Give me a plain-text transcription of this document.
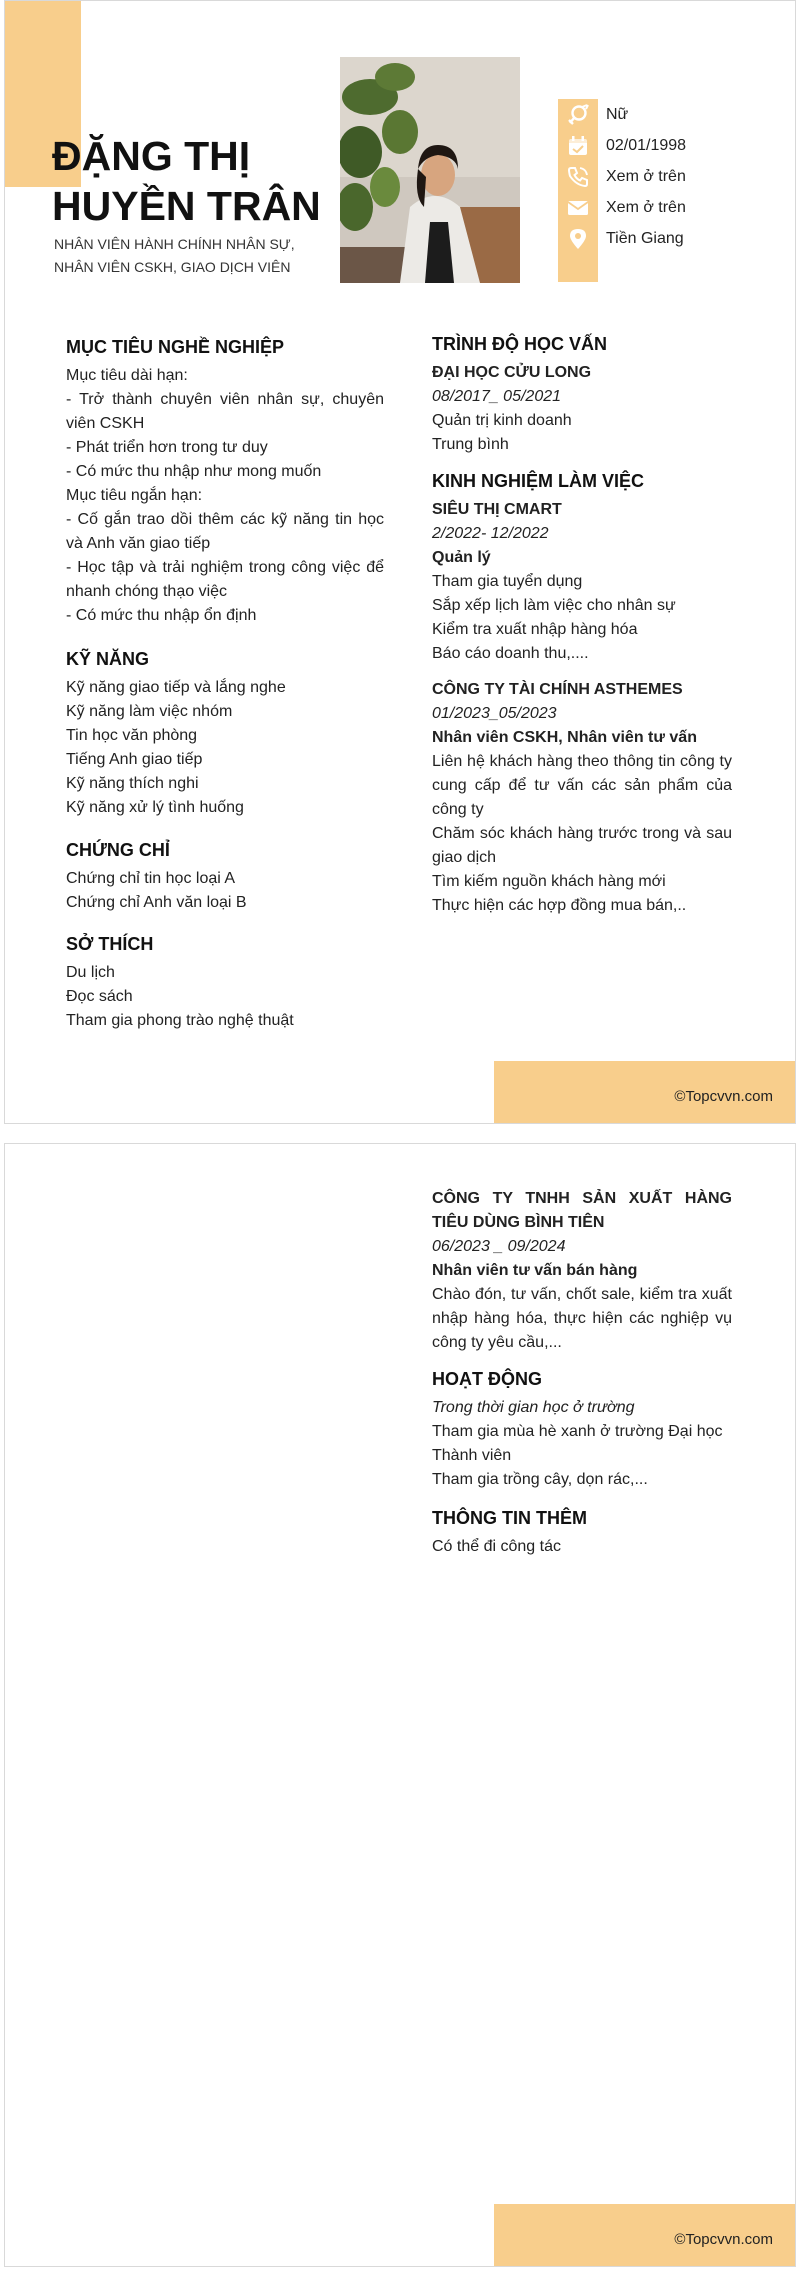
ĐẶNG THỊ
HUYỀN TRÂN
NHÂN VIÊN HÀNH CHÍNH NHÂN SỰ,
NHÂN VIÊN CSKH, GIAO DỊCH VIÊN
Nữ
02/01/1998
Xem ở trên
Xem ở trên
Tiền Giang
MỤC TIÊU NGHỀ NGHIỆP
Mục tiêu dài hạn:
- Trở thành chuyên viên nhân sự, chuyên viên CSKH
- Phát triển hơn trong tư duy
- Có mức thu nhập như mong muốn
Mục tiêu ngắn hạn:
- Cố gắn trao dồi thêm các kỹ năng tin học và Anh văn giao tiếp
- Học tập và trải nghiệm trong công việc để nhanh chóng thạo việc
- Có mức thu nhập ổn định
KỸ NĂNG
Kỹ năng giao tiếp và lắng nghe
Kỹ năng làm việc nhóm
Tin học văn phòng
Tiếng Anh giao tiếp
Kỹ năng thích nghi
Kỹ năng xử lý tình huống
CHỨNG CHỈ
Chứng chỉ tin học loại A
Chứng chỉ Anh văn loại B
SỞ THÍCH
Du lịch
Đọc sách
Tham gia phong trào nghệ thuật
TRÌNH ĐỘ HỌC VẤN
ĐẠI HỌC CỬU LONG
08/2017_ 05/2021
Quản trị kinh doanh
Trung bình
KINH NGHIỆM LÀM VIỆC
SIÊU THỊ CMART
2/2022- 12/2022
Quản lý
Tham gia tuyển dụng
Sắp xếp lịch làm việc cho nhân sự
Kiểm tra xuất nhập hàng hóa
Báo cáo doanh thu,....
CÔNG TY TÀI CHÍNH ASTHEMES
01/2023_05/2023
Nhân viên CSKH, Nhân viên tư vấn
Liên hệ khách hàng theo thông tin công ty cung cấp để tư vấn các sản phẩm của công ty
Chăm sóc khách hàng trước trong và sau giao dịch
Tìm kiếm nguồn khách hàng mới
Thực hiện các hợp đồng mua bán,..
©Topcvvn.com
CÔNG TY TNHH SẢN XUẤT HÀNG TIÊU DÙNG BÌNH TIÊN
06/2023 _ 09/2024
Nhân viên tư vấn bán hàng
Chào đón, tư vấn, chốt sale, kiểm tra xuất nhập hàng hóa, thực hiện các nghiệp vụ công ty yêu cầu,...
HOẠT ĐỘNG
Trong thời gian học ở trường
Tham gia mùa hè xanh ở trường Đại học Thành viên
Tham gia trồng cây, dọn rác,...
THÔNG TIN THÊM
Có thể đi công tác
©Topcvvn.com
